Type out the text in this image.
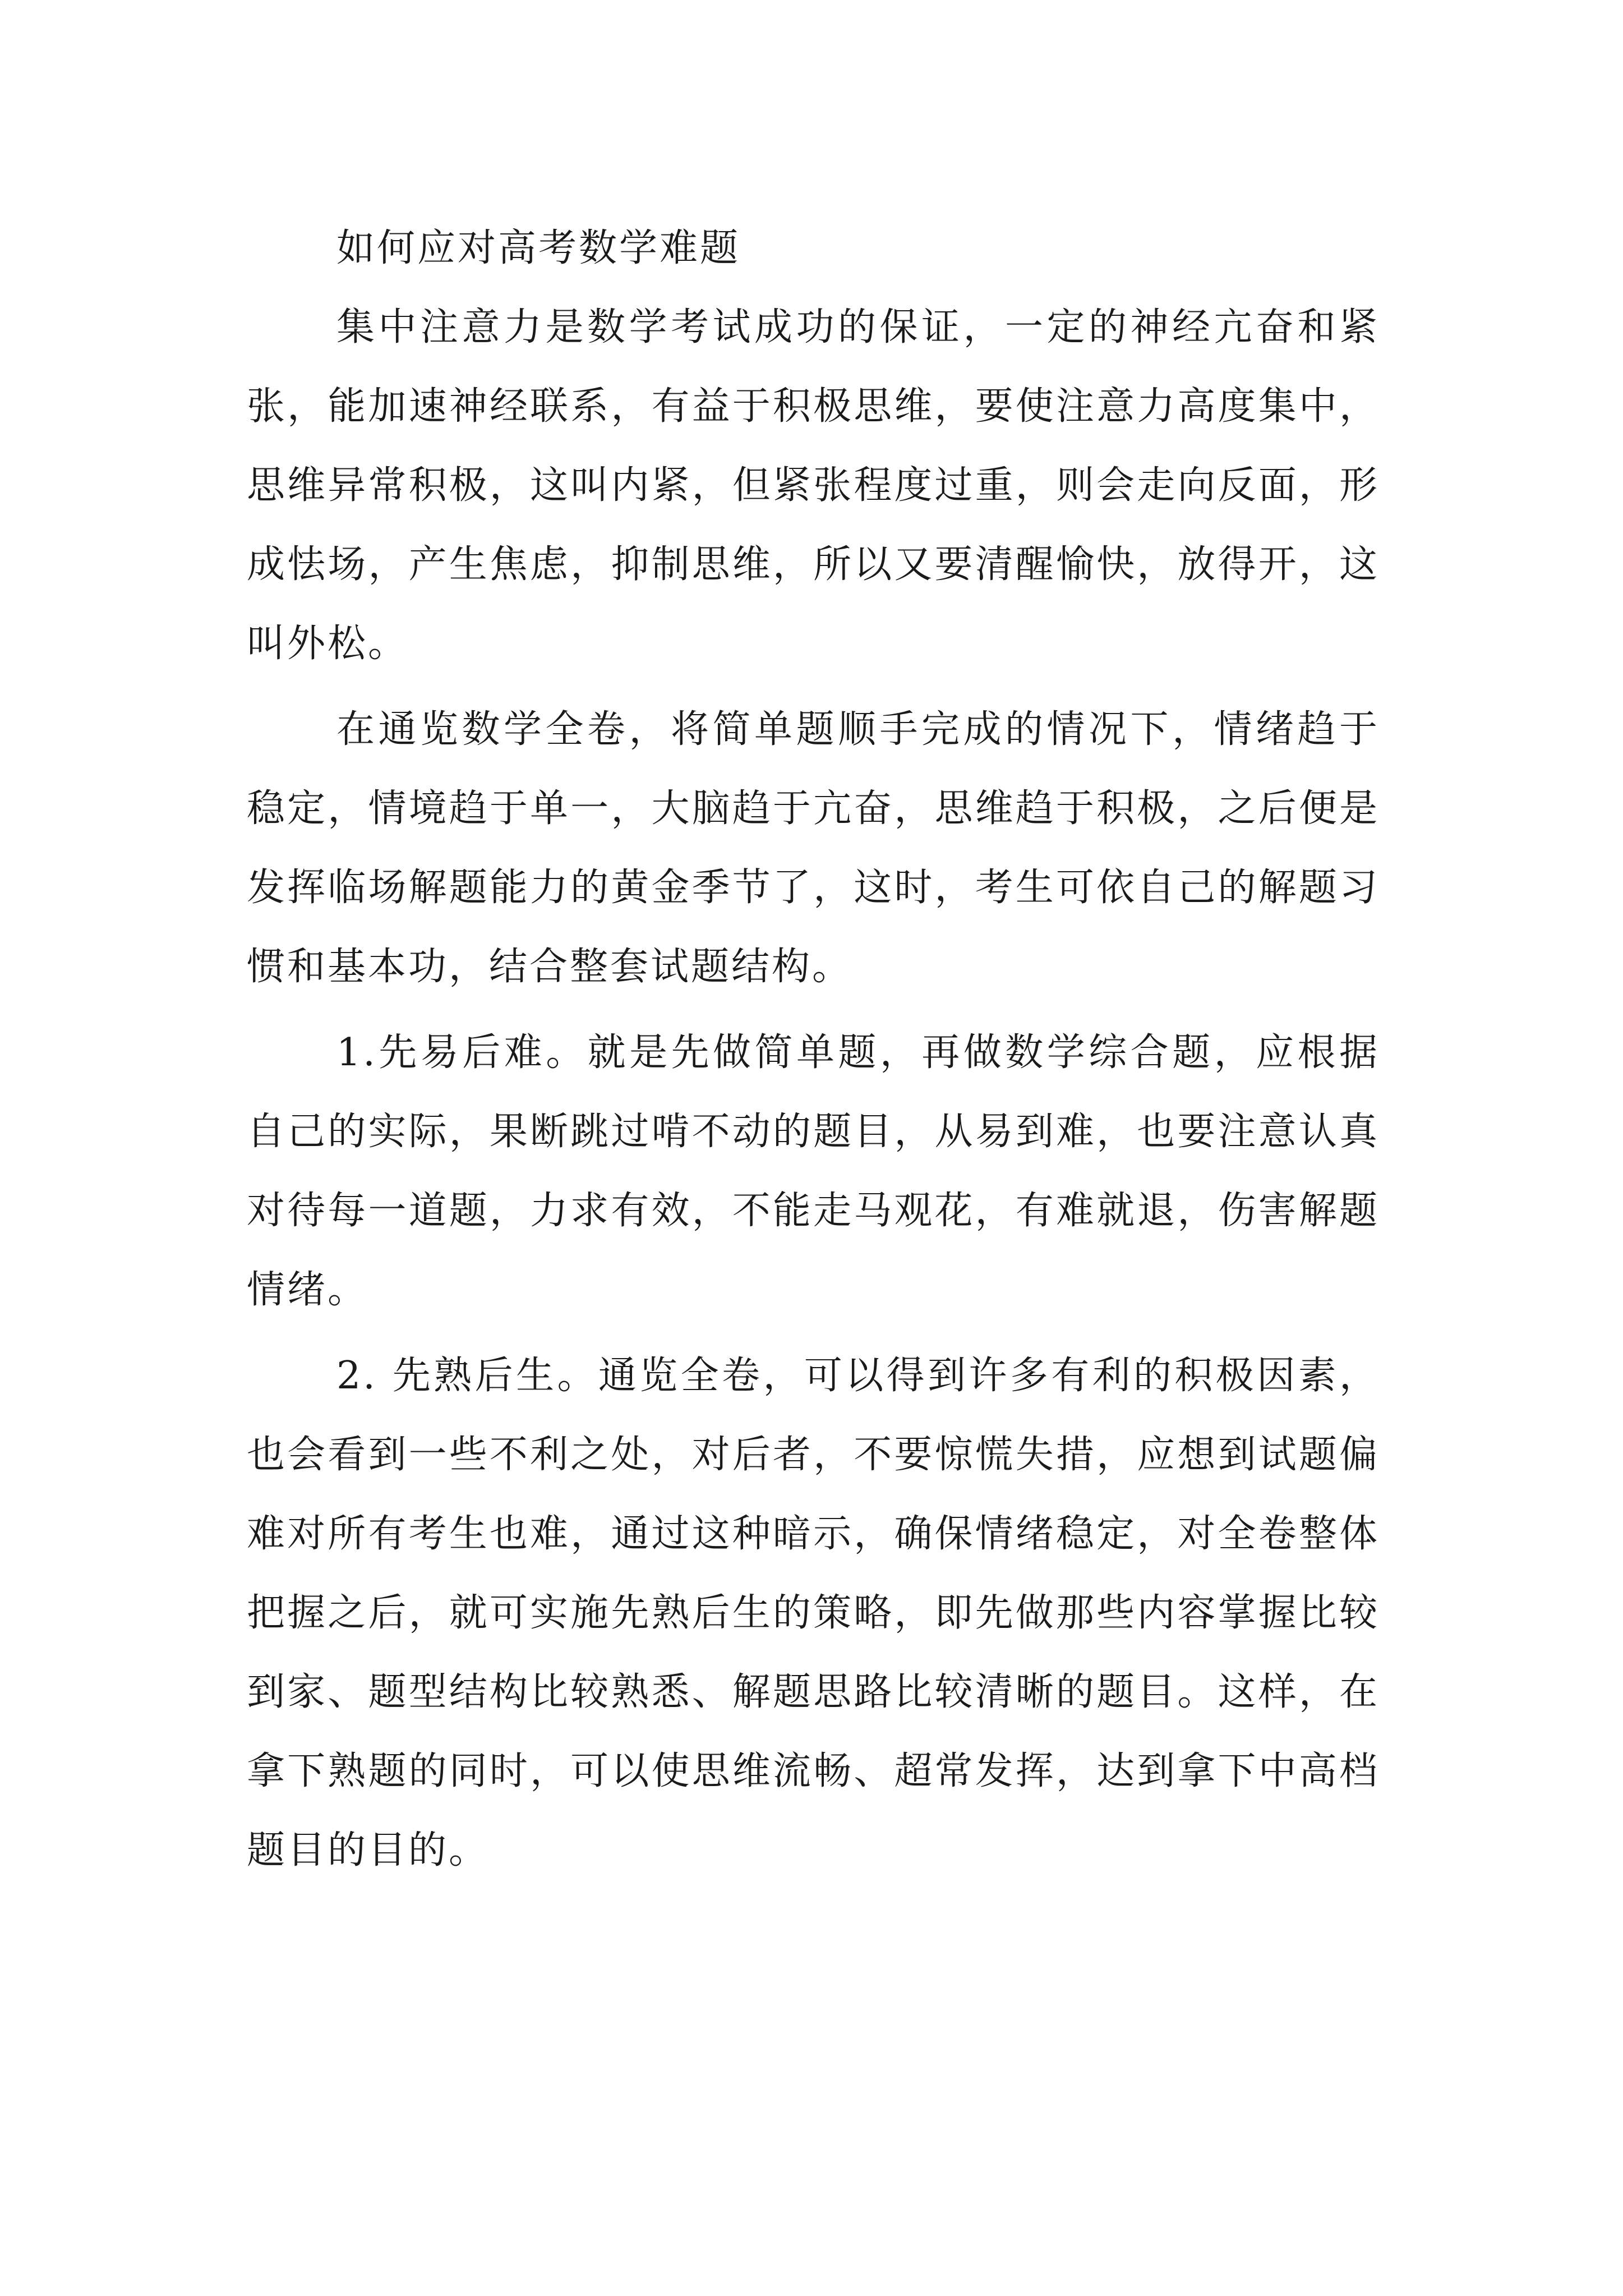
如何应对高考数学难题

集中注意力是数学考试成功的保证，一定的神经亢奋和紧张，能加速神经联系，有益于积极思维，要使注意力高度集中，思维异常积极，这叫内紧，但紧张程度过重，则会走向反面，形成怯场，产生焦虑，抑制思维，所以又要清醒愉快，放得开，这叫外松。

在通览数学全卷，将简单题顺手完成的情况下，情绪趋于稳定，情境趋于单一，大脑趋于亢奋，思维趋于积极，之后便是发挥临场解题能力的黄金季节了，这时，考生可依自己的解题习惯和基本功，结合整套试题结构。

1.先易后难。就是先做简单题，再做数学综合题，应根据自己的实际，果断跳过啃不动的题目，从易到难，也要注意认真对待每一道题，力求有效，不能走马观花，有难就退，伤害解题情绪。

2. 先熟后生。通览全卷，可以得到许多有利的积极因素，也会看到一些不利之处，对后者，不要惊慌失措，应想到试题偏难对所有考生也难，通过这种暗示，确保情绪稳定，对全卷整体把握之后，就可实施先熟后生的策略，即先做那些内容掌握比较到家、题型结构比较熟悉、解题思路比较清晰的题目。这样，在拿下熟题的同时，可以使思维流畅、超常发挥，达到拿下中高档题目的目的。
